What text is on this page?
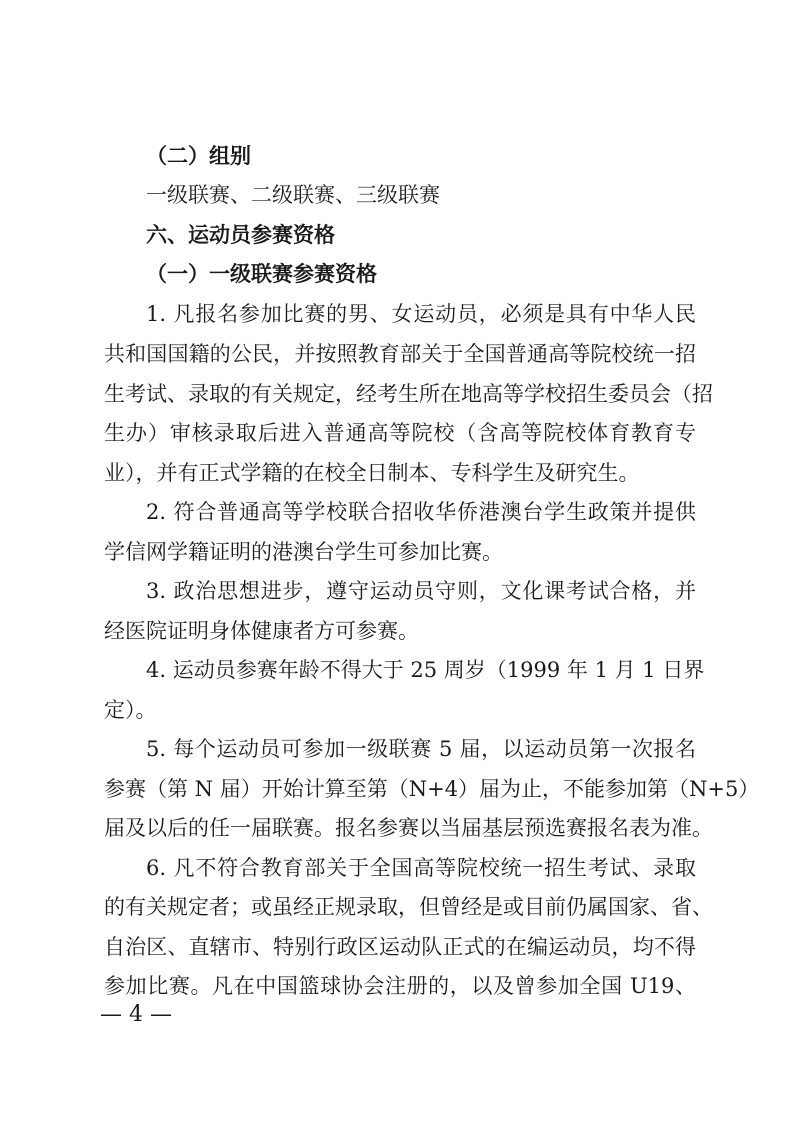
（二）组别
一级联赛、二级联赛、三级联赛
六、运动员参赛资格
（一）一级联赛参赛资格
1. 凡报名参加比赛的男、女运动员，必须是具有中华人民
共和国国籍的公民，并按照教育部关于全国普通高等院校统一招
生考试、录取的有关规定，经考生所在地高等学校招生委员会（招
生办）审核录取后进入普通高等院校（含高等院校体育教育专
业），并有正式学籍的在校全日制本、专科学生及研究生。
2. 符合普通高等学校联合招收华侨港澳台学生政策并提供
学信网学籍证明的港澳台学生可参加比赛。
3. 政治思想进步，遵守运动员守则，文化课考试合格，并
经医院证明身体健康者方可参赛。
4. 运动员参赛年龄不得大于 25 周岁（1999 年 1 月 1 日界
定）。
5. 每个运动员可参加一级联赛 5 届，以运动员第一次报名
参赛（第 N 届）开始计算至第（N+4）届为止，不能参加第（N+5）
届及以后的任一届联赛。报名参赛以当届基层预选赛报名表为准。
6. 凡不符合教育部关于全国高等院校统一招生考试、录取
的有关规定者；或虽经正规录取，但曾经是或目前仍属国家、省、
自治区、直辖市、特别行政区运动队正式的在编运动员，均不得
参加比赛。凡在中国篮球协会注册的，以及曾参加全国 U19、
— 4 —
